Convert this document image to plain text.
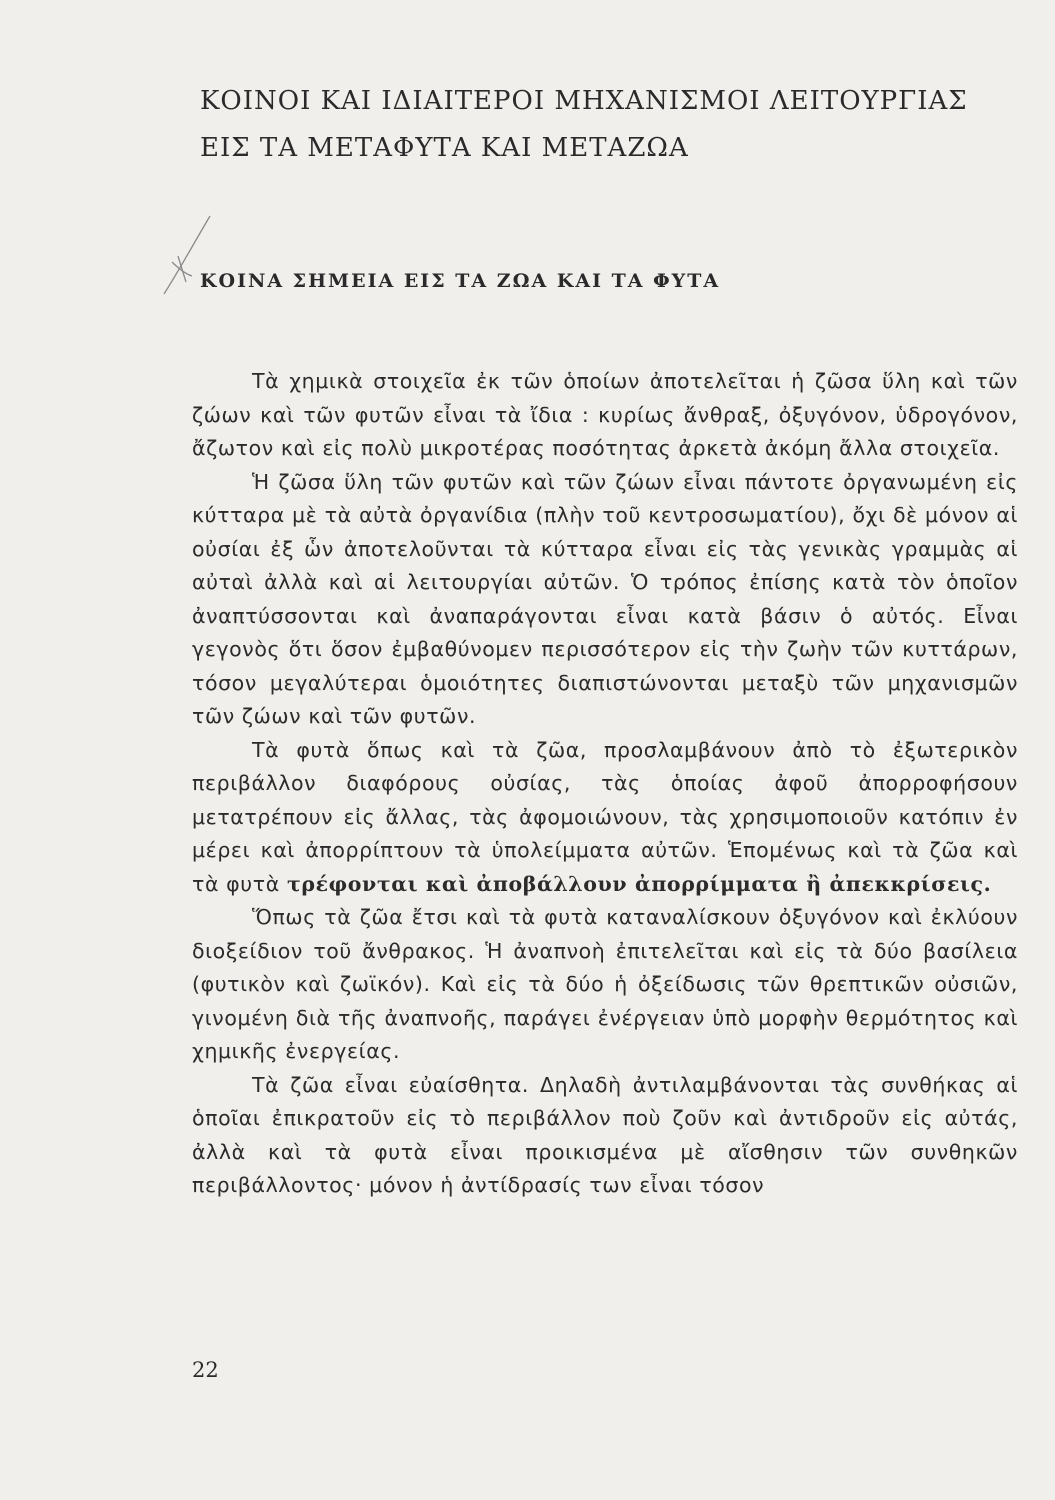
ΚΟΙΝΟΙ ΚΑΙ ΙΔΙΑΙΤΕΡΟΙ ΜΗΧΑΝΙΣΜΟΙ ΛΕΙΤΟΥΡΓΙΑΣ
ΕΙΣ ΤΑ ΜΕΤΑΦΥΤΑ ΚΑΙ ΜΕΤΑΖΩΑ
ΚΟΙΝΑ ΣΗΜΕΙΑ ΕΙΣ ΤΑ ΖΩΑ ΚΑΙ ΤΑ ΦΥΤΑ

Τὰ χημικὰ στοιχεῖα ἐκ τῶν ὁποίων ἀποτελεῖται ἡ ζῶσα ὕλη καὶ τῶν ζώων καὶ τῶν φυτῶν εἶναι τὰ ἴδια : κυρίως ἄνθραξ, ὀξυγόνον, ὑδρογόνον, ἄζωτον καὶ εἰς πολὺ μικροτέρας ποσότητας ἀρκετὰ ἀκόμη ἄλλα στοιχεῖα.

Ἡ ζῶσα ὕλη τῶν φυτῶν καὶ τῶν ζώων εἶναι πάντοτε ὀργανωμένη εἰς κύτταρα μὲ τὰ αὐτὰ ὀργανίδια (πλὴν τοῦ κεντροσωματίου), ὄχι δὲ μόνον αἱ οὐσίαι ἐξ ὧν ἀποτελοῦνται τὰ κύτταρα εἶναι εἰς τὰς γενικὰς γραμμὰς αἱ αὐταὶ ἀλλὰ καὶ αἱ λειτουργίαι αὐτῶν. Ὁ τρόπος ἐπίσης κατὰ τὸν ὁποῖον ἀναπτύσσονται καὶ ἀναπαράγονται εἶναι κατὰ βάσιν ὁ αὐτός. Εἶναι γεγονὸς ὅτι ὅσον ἐμβαθύνομεν περισσότερον εἰς τὴν ζωὴν τῶν κυττάρων, τόσον μεγαλύτεραι ὁμοιότητες διαπιστώνονται μεταξὺ τῶν μηχανισμῶν τῶν ζώων καὶ τῶν φυτῶν.

Τὰ φυτὰ ὅπως καὶ τὰ ζῶα, προσλαμβάνουν ἀπὸ τὸ ἐξωτερικὸν περιβάλλον διαφόρους οὐσίας, τὰς ὁποίας ἀφοῦ ἀπορροφήσουν μετατρέπουν εἰς ἄλλας, τὰς ἀφομοιώνουν, τὰς χρησιμοποιοῦν κατόπιν ἐν μέρει καὶ ἀπορρίπτουν τὰ ὑπολείμματα αὐτῶν. Ἑπομένως καὶ τὰ ζῶα καὶ τὰ φυτὰ τρέφονται καὶ ἀποβάλλουν ἀπορρίμματα ἢ ἀπεκκρίσεις.

Ὅπως τὰ ζῶα ἔτσι καὶ τὰ φυτὰ καταναλίσκουν ὀξυγόνον καὶ ἐκλύουν διοξείδιον τοῦ ἄνθρακος. Ἡ ἀναπνοὴ ἐπιτελεῖται καὶ εἰς τὰ δύο βασίλεια (φυτικὸν καὶ ζωϊκόν). Καὶ εἰς τὰ δύο ἡ ὀξείδωσις τῶν θρεπτικῶν οὐσιῶν, γινομένη διὰ τῆς ἀναπνοῆς, παράγει ἐνέργειαν ὑπὸ μορφὴν θερμότητος καὶ χημικῆς ἐνεργείας.

Τὰ ζῶα εἶναι εὐαίσθητα. Δηλαδὴ ἀντιλαμβάνονται τὰς συνθήκας αἱ ὁποῖαι ἐπικρατοῦν εἰς τὸ περιβάλλον ποὺ ζοῦν καὶ ἀντιδροῦν εἰς αὐτάς, ἀλλὰ καὶ τὰ φυτὰ εἶναι προικισμένα μὲ αἴσθησιν τῶν συνθηκῶν περιβάλλοντος· μόνον ἡ ἀντίδρασίς των εἶναι τόσον

22
